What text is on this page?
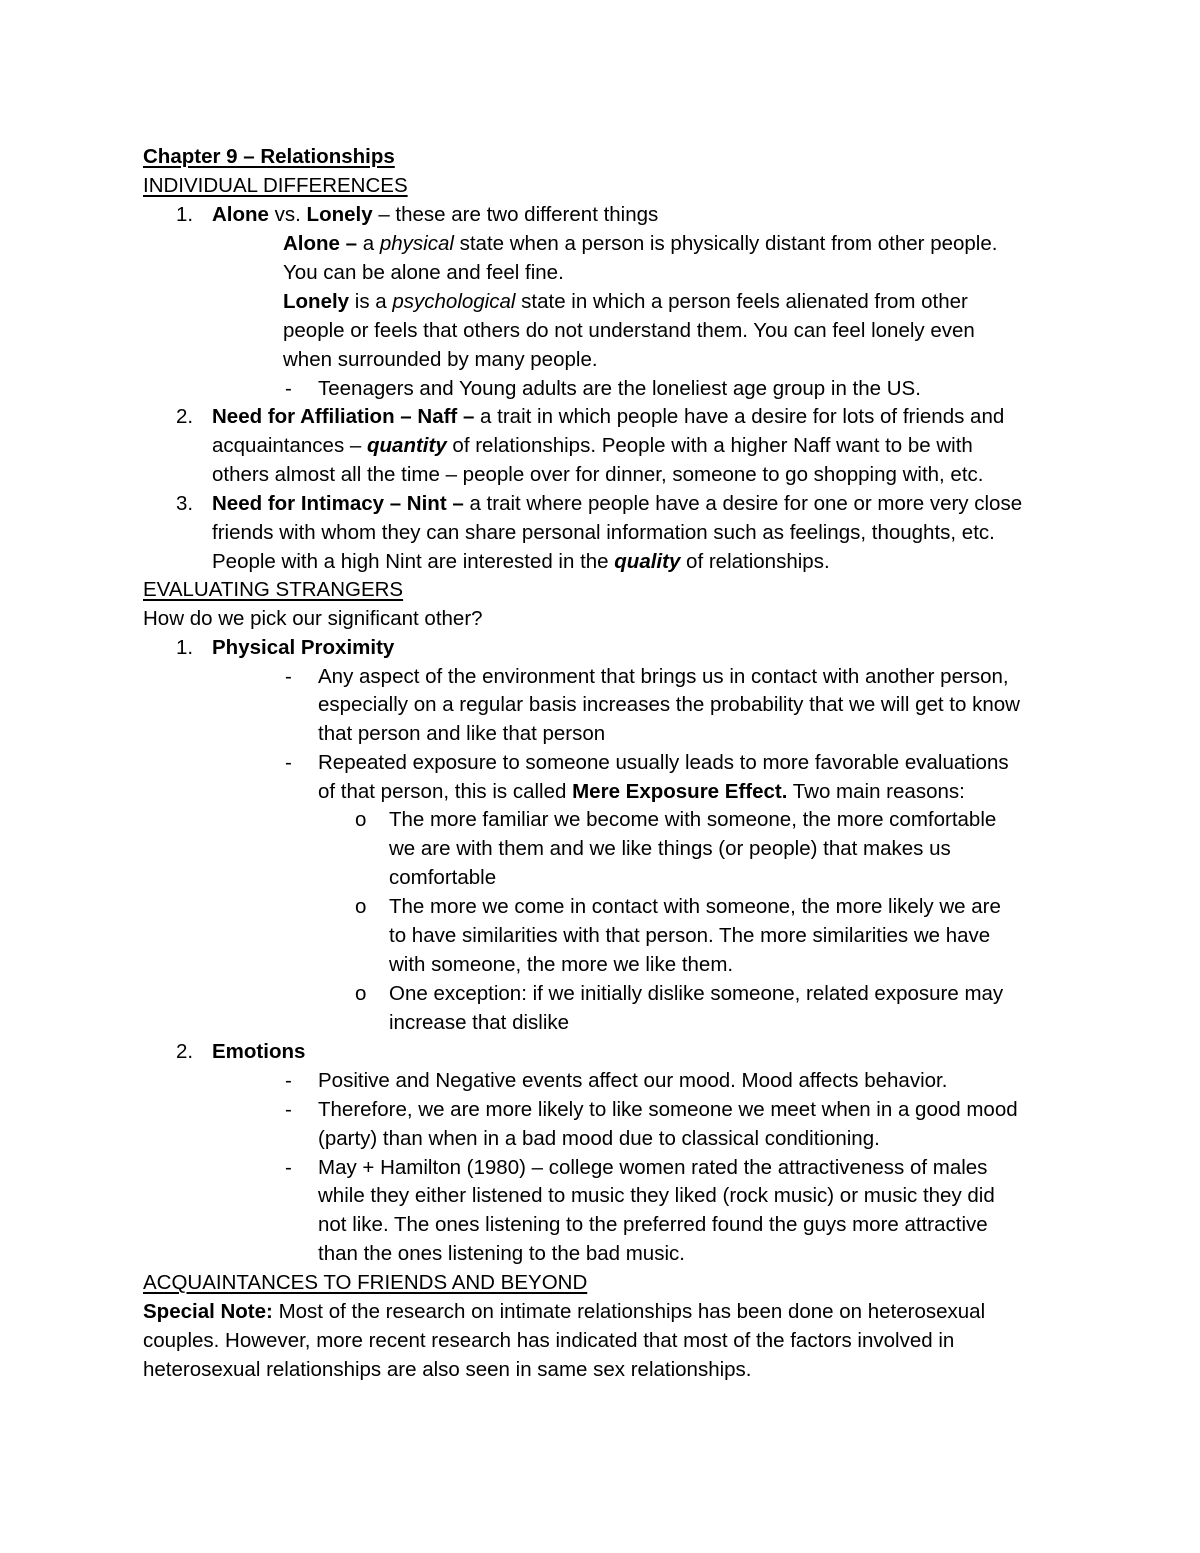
Chapter 9 – Relationships
INDIVIDUAL DIFFERENCES
1. Alone vs. Lonely – these are two different things
Alone – a physical state when a person is physically distant from other people.
You can be alone and feel fine.
Lonely is a psychological state in which a person feels alienated from other
people or feels that others do not understand them. You can feel lonely even
when surrounded by many people.
- Teenagers and Young adults are the loneliest age group in the US.
2. Need for Affiliation – Naff – a trait in which people have a desire for lots of friends and
acquaintances – quantity of relationships. People with a higher Naff want to be with
others almost all the time – people over for dinner, someone to go shopping with, etc.
3. Need for Intimacy – Nint – a trait where people have a desire for one or more very close
friends with whom they can share personal information such as feelings, thoughts, etc.
People with a high Nint are interested in the quality of relationships.
EVALUATING STRANGERS
How do we pick our significant other?
1. Physical Proximity
- Any aspect of the environment that brings us in contact with another person,
especially on a regular basis increases the probability that we will get to know
that person and like that person
- Repeated exposure to someone usually leads to more favorable evaluations
of that person, this is called Mere Exposure Effect. Two main reasons:
o The more familiar we become with someone, the more comfortable
we are with them and we like things (or people) that makes us
comfortable
o The more we come in contact with someone, the more likely we are
to have similarities with that person. The more similarities we have
with someone, the more we like them.
o One exception: if we initially dislike someone, related exposure may
increase that dislike
2. Emotions
- Positive and Negative events affect our mood. Mood affects behavior.
- Therefore, we are more likely to like someone we meet when in a good mood
(party) than when in a bad mood due to classical conditioning.
- May + Hamilton (1980) – college women rated the attractiveness of males
while they either listened to music they liked (rock music) or music they did
not like. The ones listening to the preferred found the guys more attractive
than the ones listening to the bad music.
ACQUAINTANCES TO FRIENDS AND BEYOND
Special Note: Most of the research on intimate relationships has been done on heterosexual
couples. However, more recent research has indicated that most of the factors involved in
heterosexual relationships are also seen in same sex relationships.
